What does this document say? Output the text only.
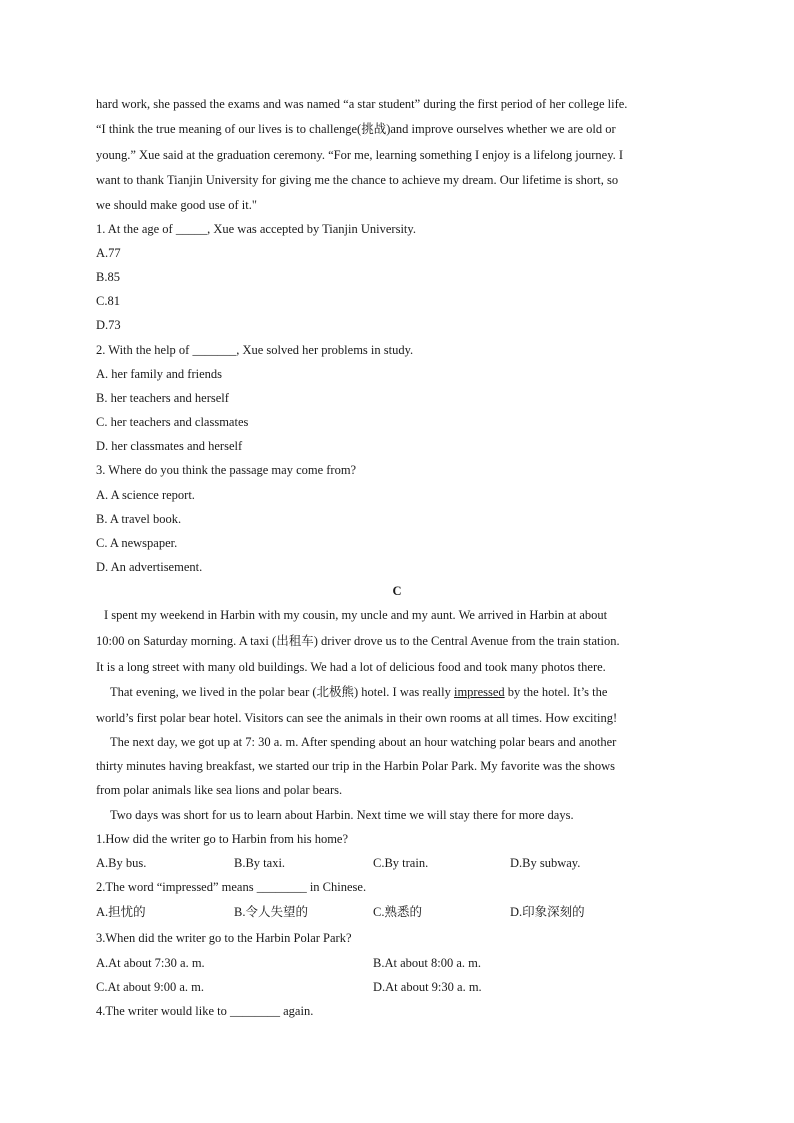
hard work, she passed the exams and was named “a star student” during the first period of her college life.
“I think the true meaning of our lives is to challenge(挑战)and improve ourselves whether we are old or
young.” Xue said at the graduation ceremony. “For me, learning something I enjoy is a lifelong journey. I
want to thank Tianjin University for giving me the chance to achieve my dream. Our lifetime is short, so
we should make good use of it."
1. At the age of _____, Xue was accepted by Tianjin University.
A.77
B.85
C.81
D.73
2. With the help of _______, Xue solved her problems in study.
A. her family and friends
B. her teachers and herself
C. her teachers and classmates
D. her classmates and herself
3. Where do you think the passage may come from?
A. A science report.
B. A travel book.
C. A newspaper.
D. An advertisement.
C
I spent my weekend in Harbin with my cousin, my uncle and my aunt. We arrived in Harbin at about
10:00 on Saturday morning. A taxi (出租车) driver drove us to the Central Avenue from the train station.
It is a long street with many old buildings. We had a lot of delicious food and took many photos there.
That evening, we lived in the polar bear (北极熊) hotel. I was really impressed by the hotel. It’s the
world’s first polar bear hotel. Visitors can see the animals in their own rooms at all times. How exciting!
The next day, we got up at 7: 30 a. m. After spending about an hour watching polar bears and another
thirty minutes having breakfast, we started our trip in the Harbin Polar Park. My favorite was the shows
from polar animals like sea lions and polar bears.
Two days was short for us to learn about Harbin. Next time we will stay there for more days.
1.How did the writer go to Harbin from his home?
A.By bus.	B.By taxi.	C.By train.	D.By subway.
2.The word “impressed” means ________ in Chinese.
A.担忧的	B.令人失望的	C.熟悉的	D.印象深刻的
3.When did the writer go to the Harbin Polar Park?
A.At about 7:30 a. m.	B.At about 8:00 a. m.
C.At about 9:00 a. m.	D.At about 9:30 a. m.
4.The writer would like to ________ again.
